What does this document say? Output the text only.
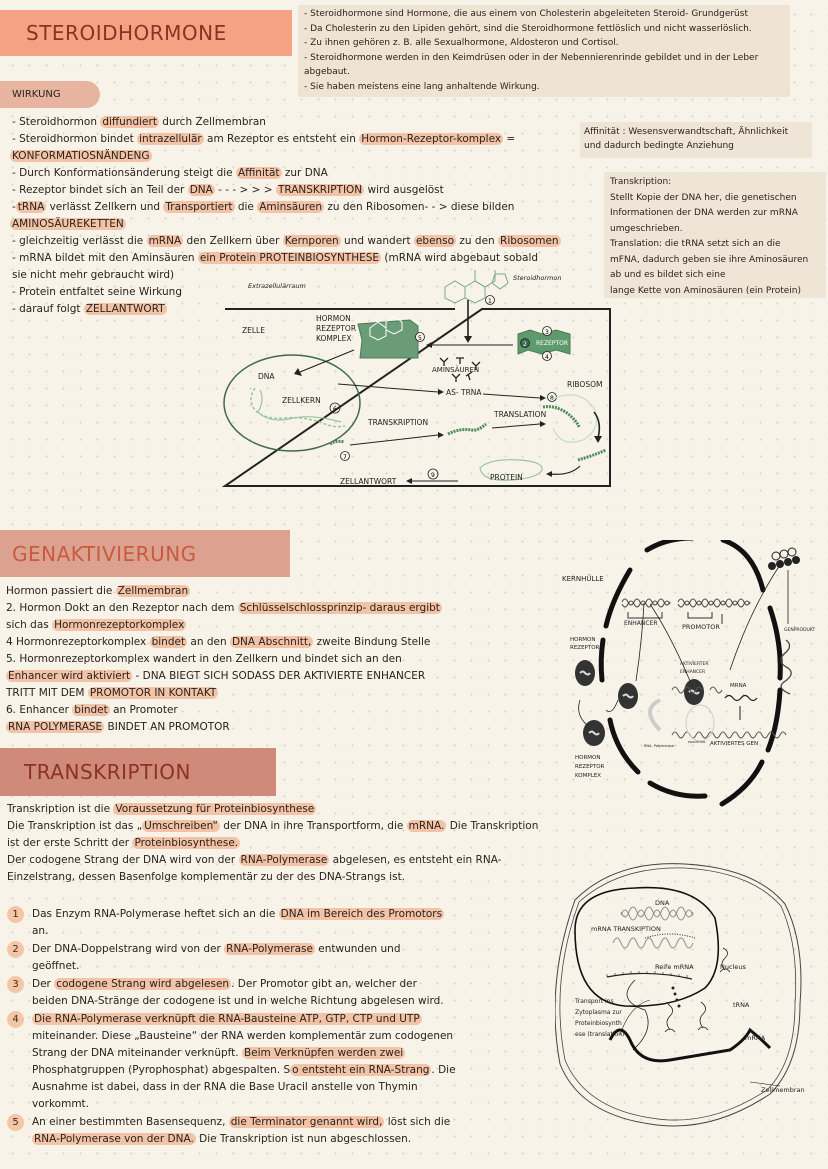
STEROIDHORMONE
- Steroidhormone sind Hormone, die aus einem von Cholesterin abgeleiteten Steroid- Grundgerüst
- Da Cholesterin zu den Lipiden gehört, sind die Steroidhormone fettlöslich und nicht wasserlöslich.
- Zu ihnen gehören z. B. alle Sexualhormone, Aldosteron und Cortisol.
- Steroidhormone werden in den Keimdrüsen oder in der Nebennierenrinde gebildet und in der Leber
abgebaut.
- Sie haben meistens eine lang anhaltende Wirkung.
WIRKUNG
- Steroidhormon diffundiert durch Zellmembran
- Steroidhormon bindet intrazellulär am Rezeptor es entsteht ein Hormon-Rezeptor-komplex =
KONFORMATIOSNÄNDENG
- Durch Konformationsänderung steigt die Affinität zur DNA
- Rezeptor bindet sich an Teil der DNA - - - > > > TRANSKRIPTION wird ausgelöst
- tRNA verlässt Zellkern und Transportiert die Aminsäuren zu den Ribosomen- - > diese bilden
AMINOSÄUREKETTEN
- gleichzeitig verlässt die mRNA den Zellkern über Kernporen und wandert ebenso zu den Ribosomen
- mRNA bildet mit den Aminsäuren ein Protein PROTEINBIOSYNTHESE (mRNA wird abgebaut sobald
sie nicht mehr gebraucht wird)
- Protein entfaltet seine Wirkung
- darauf folgt ZELLANTWORT
Affinität : Wesensverwandtschaft, Ähnlichkeit
und dadurch bedingte Anziehung
Transkription:
Stellt Kopie der DNA her, die genetischen
Informationen der DNA werden zur mRNA
umgeschrieben.
Translation: die tRNA setzt sich an die
mFNA, dadurch geben sie ihre Aminosäuren
ab und es bildet sich eine
lange Kette von Aminosäuren (ein Protein)
Extrazellulärraum
Steroidhormon
1
5
3
2
4
6
8
7
9
ZELLE
HORMON
REZEPTOR
KOMPLEX
REZEPTOR
AMINSÄUREN
DNA
ZELLKERN
AS- TRNA
RIBOSOM
TRANSLATION
TRANSKRIPTION
PROTEIN
ZELLANTWORT
GENAKTIVIERUNG
Hormon passiert die Zellmembran
2. Hormon Dokt an den Rezeptor nach dem Schlüsselschlossprinzip- daraus ergibt
sich das Hormonrezeptorkomplex
4 Hormonrezeptorkomplex bindet an den DNA Abschnitt, zweite Bindung Stelle
5. Hormonrezeptorkomplex wandert in den Zellkern und bindet sich an den
Enhancer wird aktiviert - DNA BIEGT SICH SODASS DER AKTIVIERTE ENHANCER
TRITT MIT DEM PROMOTOR IN KONTAKT
6. Enhancer bindet an Promoter
RNA POLYMERASE BINDET AN PROMOTOR
KERNHÜLLE
ENHANCER	PROMOTOR	GENPRODUKT
HORMON
REZEPTOR
AKTIVIERTER
ENHANCER
MRNA
PROMOTOR AKTIVIERTES GEN
RNA- Polymerase
HORMON
REZEPTOR
KOMPLEX
TRANSKRIPTION
Transkription ist die Voraussetzung für Proteinbiosynthese
Die Transkription ist das „ Umschreiben“ der DNA in ihre Transportform, die mRNA. Die Transkription
ist der erste Schritt der Proteinbiosynthese.
Der codogene Strang der DNA wird von der RNA-Polymerase abgelesen, es entsteht ein RNA-
Einzelstrang, dessen Basenfolge komplementär zu der des DNA-Strangs ist.
1 Das Enzym RNA-Polymerase heftet sich an die DNA im Bereich des Promotors
an.
2 Der DNA-Doppelstrang wird von der RNA-Polymerase entwunden und
geöffnet.
3 Der codogene Strang wird abgelesen . Der Promotor gibt an, welcher der
beiden DNA-Stränge der codogene ist und in welche Richtung abgelesen wird.
4 Die RNA-Polymerase verknüpft die RNA-Bausteine ATP, GTP, CTP und UTP
miteinander. Diese „Bausteine“ der RNA werden komplementär zum codogenen
Strang der DNA miteinander verknüpft. Beim Verknüpfen werden zwei
Phosphatgruppen (Pyrophosphat) abgespalten. S o entsteht ein RNA-Strang . Die
Ausnahme ist dabei, dass in der RNA die Base Uracil anstelle von Thymin
vorkommt.
5 An einer bestimmten Basensequenz, die Terminator genannt wird, löst sich die
RNA-Polymerase von der DNA. Die Transkription ist nun abgeschlossen.
DNA
mRNA TRANSKIPTION
Reife mRNA	Nucleus
Transport ins
Zytoplasma zur
Proteinbiosynth
ese (translation)
tRNA
mRNA
Zellmembran
